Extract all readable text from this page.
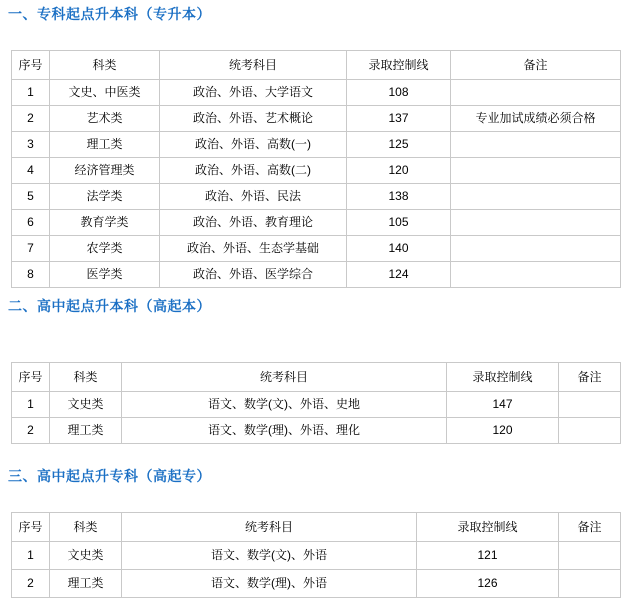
一、专科起点升本科（专升本）
序号	科类	统考科目	录取控制线	备注
1	文史、中医类	政治、外语、大学语文	108	
2	艺术类	政治、外语、艺术概论	137	专业加试成绩必须合格
3	理工类	政治、外语、高数(一)	125	
4	经济管理类	政治、外语、高数(二)	120	
5	法学类	政治、外语、民法	138	
6	教育学类	政治、外语、教育理论	105	
7	农学类	政治、外语、生态学基础	140	
8	医学类	政治、外语、医学综合	124	
二、高中起点升本科（高起本）
序号	科类	统考科目	录取控制线	备注
1	文史类	语文、数学(文)、外语、史地	147	
2	理工类	语文、数学(理)、外语、理化	120	
三、高中起点升专科（高起专）
序号	科类	统考科目	录取控制线	备注
1	文史类	语文、数学(文)、外语	121	
2	理工类	语文、数学(理)、外语	126	
